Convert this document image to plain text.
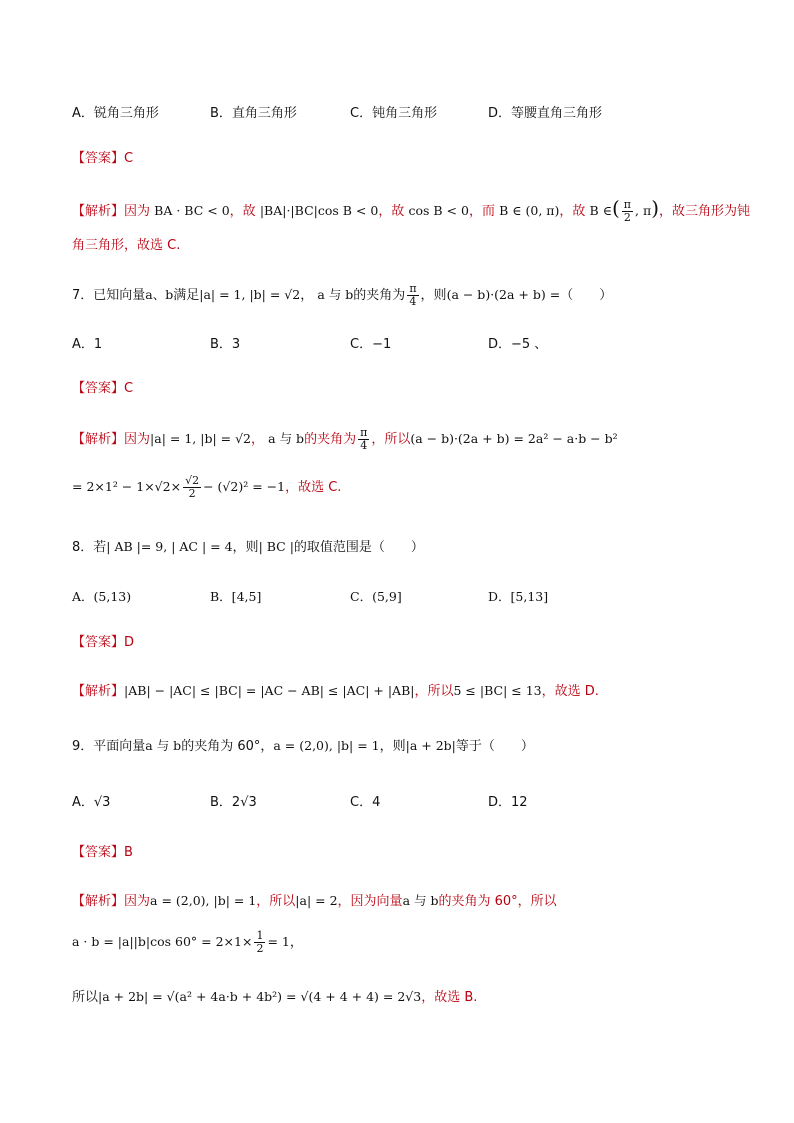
A．锐角三角形	B．直角三角形	C．钝角三角形	D．等腰直角三角形
【答案】C
【解析】因为 BA · BC < 0，故 |BA|·|BC|cos B < 0，故 cos B < 0，而 B ∈ (0, π)，故 B ∈( $\frac{\pi}{2}$ , π)，故三角形为钝
角三角形，故选 C.
7．已知向量a、b满足|a| = 1, |b| = √2， a 与 b的夹角为 $\frac{\pi}{4}$ ，则(a − b)·(2a + b) =（　　）
A．1	B．3	C．−1	D．−5 、
【答案】C
【解析】因为|a| = 1, |b| = √2， a 与 b的夹角为 $\frac{\pi}{4}$ ，所以(a − b)·(2a + b) = 2a² − a·b − b²
= $2\times 1^2 - 1\times√2\times \frac{√2}{2} - (√2)^2 = -1$，故选 C.
8．若| AB |= 9, | AC | = 4，则| BC |的取值范围是（　　）
A．(5,13)	B．[4,5]	C．(5,9]	D．[5,13]
【答案】D
【解析】|AB| − |AC| ≤ |BC| = |AC − AB| ≤ |AC| + |AB|，所以5 ≤ |BC| ≤ 13，故选 D.
9．平面向量a 与 b的夹角为 60°，a = (2,0), |b| = 1，则|a + 2b|等于（　　）
A．√3	B．2√3	C．4	D．12
【答案】B
【解析】因为a = (2,0), |b| = 1，所以|a| = 2，因为向量a 与 b的夹角为 60°，所以
a · b = |a||b|cos $60^\circ = 2\times 1\times \frac{1}{2} = 1$，
所以|a + 2b| = √(a² + 4a·b + 4b²) = √(4 + 4 + 4) = 2√3，故选 B.
